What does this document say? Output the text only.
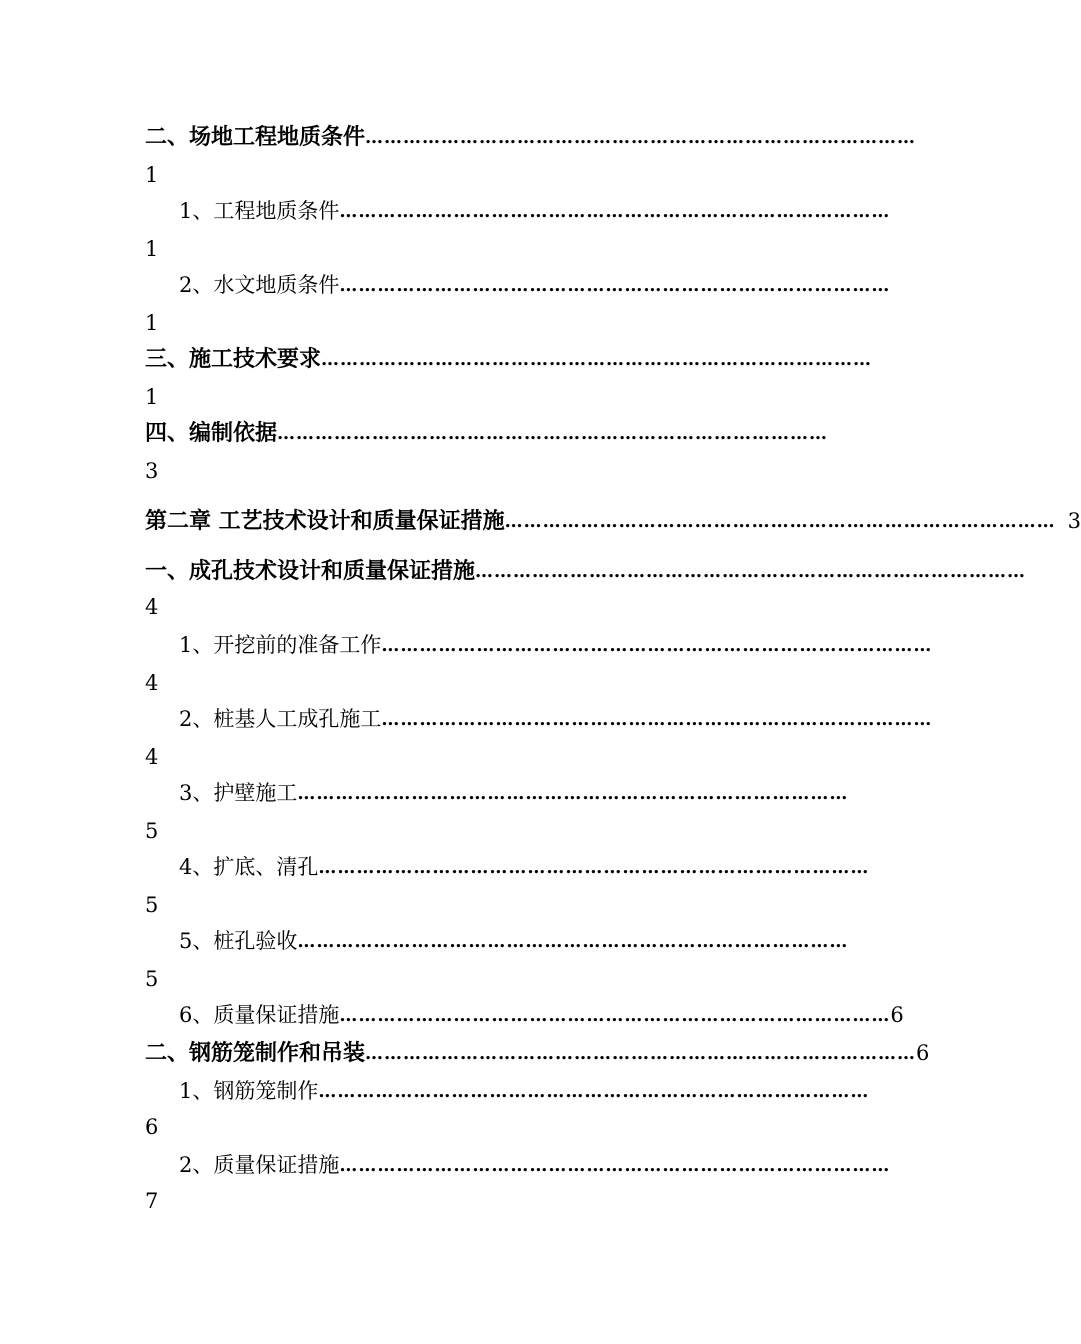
二、场地工程地质条件 ……………………………………………………………………………
1
1、工程地质条件 ……………………………………………………………………………
1
2、水文地质条件 ……………………………………………………………………………
1
三、施工技术要求 ……………………………………………………………………………
1
四、编制依据 ……………………………………………………………………………
3
第二章 工艺技术设计和质量保证措施 …………………………………………………………………………… 3
一、成孔技术设计和质量保证措施 ……………………………………………………………………………
4
1、开挖前的准备工作 ……………………………………………………………………………
4
2、桩基人工成孔施工 ……………………………………………………………………………
4
3、护壁施工 ……………………………………………………………………………
5
4、扩底、清孔 ……………………………………………………………………………
5
5、桩孔验收 ……………………………………………………………………………
5
6、质量保证措施 …………………………………………………………………………… 6
二、钢筋笼制作和吊装 …………………………………………………………………………… 6
1、钢筋笼制作 ……………………………………………………………………………
6
2、质量保证措施 ……………………………………………………………………………
7
